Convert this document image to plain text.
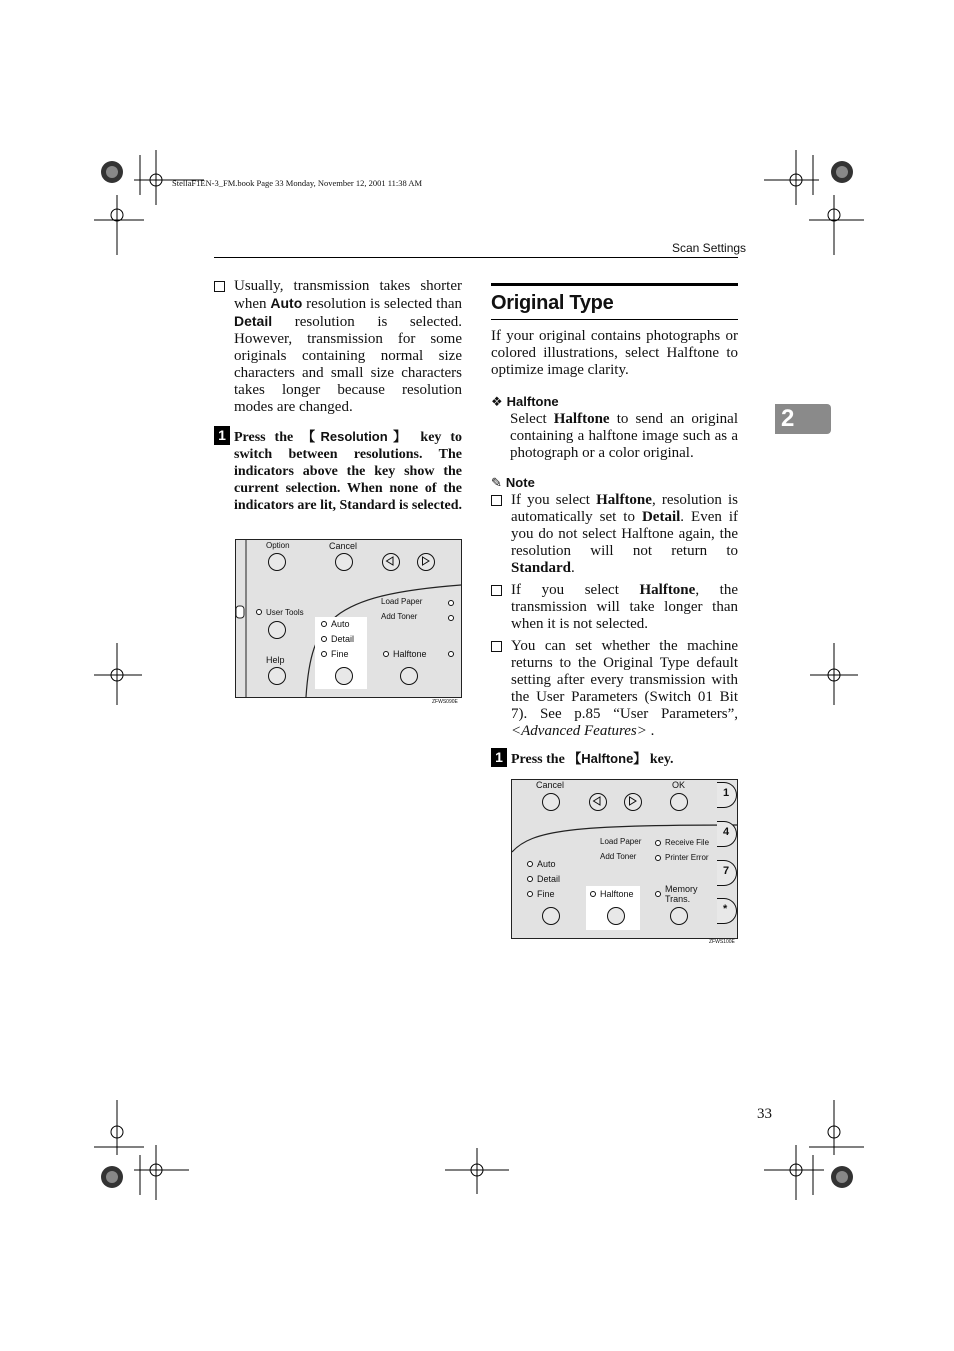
StellaF1EN-3_FM.book Page 33 Monday, November 12, 2001 11:38 AM
Scan Settings
2
Usually, transmission takes shorter when Auto resolution is selected than Detail resolution is selected. However, transmission for some originals containing normal size characters and small size characters takes longer because resolution modes are changed.
1 Press the 【Resolution】 key to switch between resolutions. The indicators above the key show the current selection. When none of the indicators are lit, Standard is selected.
Option	Cancel
User Tools
Help
Auto
Detail
Fine
Load Paper
Add Toner
Halftone
ZFWS090E
Original Type
If your original contains photographs or colored illustrations, select Halftone to optimize image clarity.
❖ Halftone
Select Halftone to send an original containing a halftone image such as a photograph or a color original.
✎ Note
If you select Halftone, resolution is automatically set to Detail. Even if you do not select Halftone again, the resolution will not return to Standard.
If you select Halftone, the transmission will take longer than when it is not selected.
You can set whether the machine returns to the Original Type default setting after every transmission with the User Parameters (Switch 01 Bit 7). See p.85 “User Parameters”, <Advanced Features> .
1 Press the 【Halftone】 key.
Cancel	OK
Load Paper
Add Toner
Receive File
Printer Error
Auto
Detail
Fine	Halftone	Memory
Trans.
1
4
7
*
ZFWS100E
33
